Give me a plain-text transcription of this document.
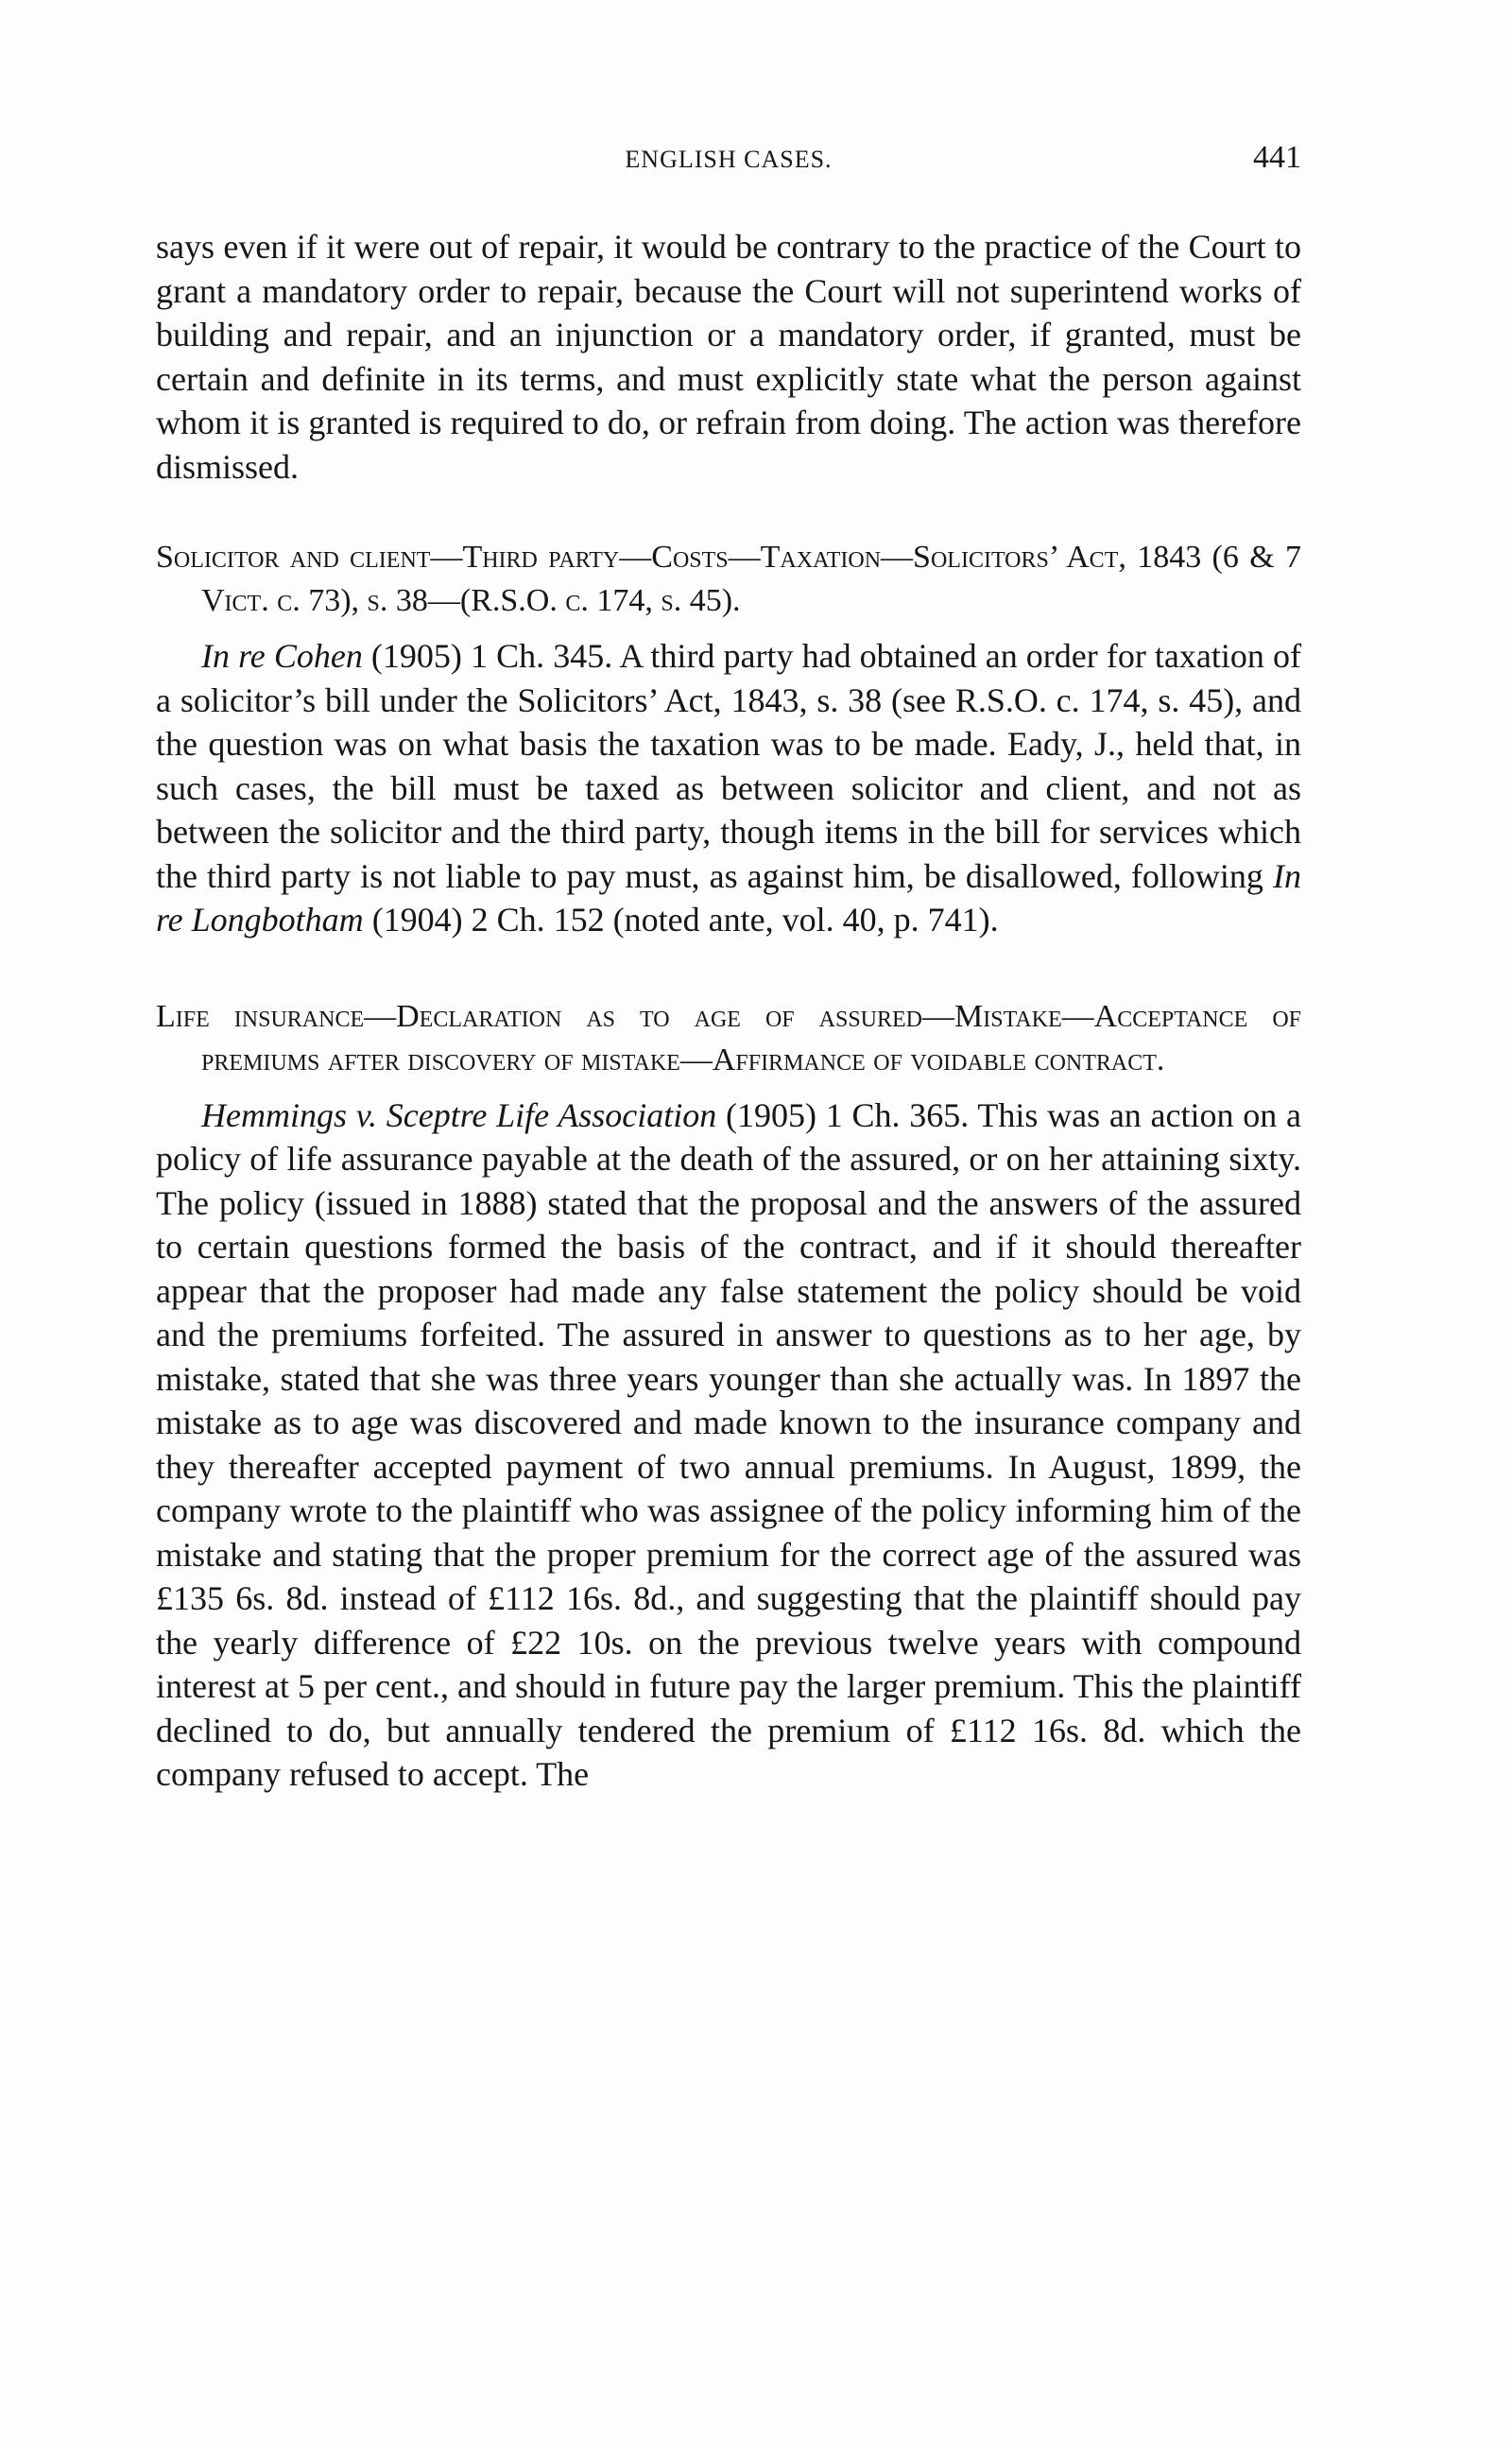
ENGLISH CASES.	441

says even if it were out of repair, it would be contrary to the practice of the Court to grant a mandatory order to repair, because the Court will not superintend works of building and repair, and an injunction or a mandatory order, if granted, must be certain and definite in its terms, and must explicitly state what the person against whom it is granted is required to do, or refrain from doing. The action was therefore dismissed.

Solicitor and client—Third party—Costs—Taxation—Solicitors’ Act, 1843 (6 & 7 Vict. c. 73), s. 38—(R.S.O. c. 174, s. 45).

In re Cohen (1905) 1 Ch. 345. A third party had obtained an order for taxation of a solicitor’s bill under the Solicitors’ Act, 1843, s. 38 (see R.S.O. c. 174, s. 45), and the question was on what basis the taxation was to be made. Eady, J., held that, in such cases, the bill must be taxed as between solicitor and client, and not as between the solicitor and the third party, though items in the bill for services which the third party is not liable to pay must, as against him, be disallowed, following In re Longbotham (1904) 2 Ch. 152 (noted ante, vol. 40, p. 741).

Life insurance—Declaration as to age of assured—Mistake—Acceptance of premiums after discovery of mistake—Affirmance of voidable contract.

Hemmings v. Sceptre Life Association (1905) 1 Ch. 365. This was an action on a policy of life assurance payable at the death of the assured, or on her attaining sixty. The policy (issued in 1888) stated that the proposal and the answers of the assured to certain questions formed the basis of the contract, and if it should thereafter appear that the proposer had made any false statement the policy should be void and the premiums forfeited. The assured in answer to questions as to her age, by mistake, stated that she was three years younger than she actually was. In 1897 the mistake as to age was discovered and made known to the insurance company and they thereafter accepted payment of two annual premiums. In August, 1899, the company wrote to the plaintiff who was assignee of the policy informing him of the mistake and stating that the proper premium for the correct age of the assured was £135 6s. 8d. instead of £112 16s. 8d., and suggesting that the plaintiff should pay the yearly difference of £22 10s. on the previous twelve years with compound interest at 5 per cent., and should in future pay the larger premium. This the plaintiff declined to do, but annually tendered the premium of £112 16s. 8d. which the company refused to accept. The
